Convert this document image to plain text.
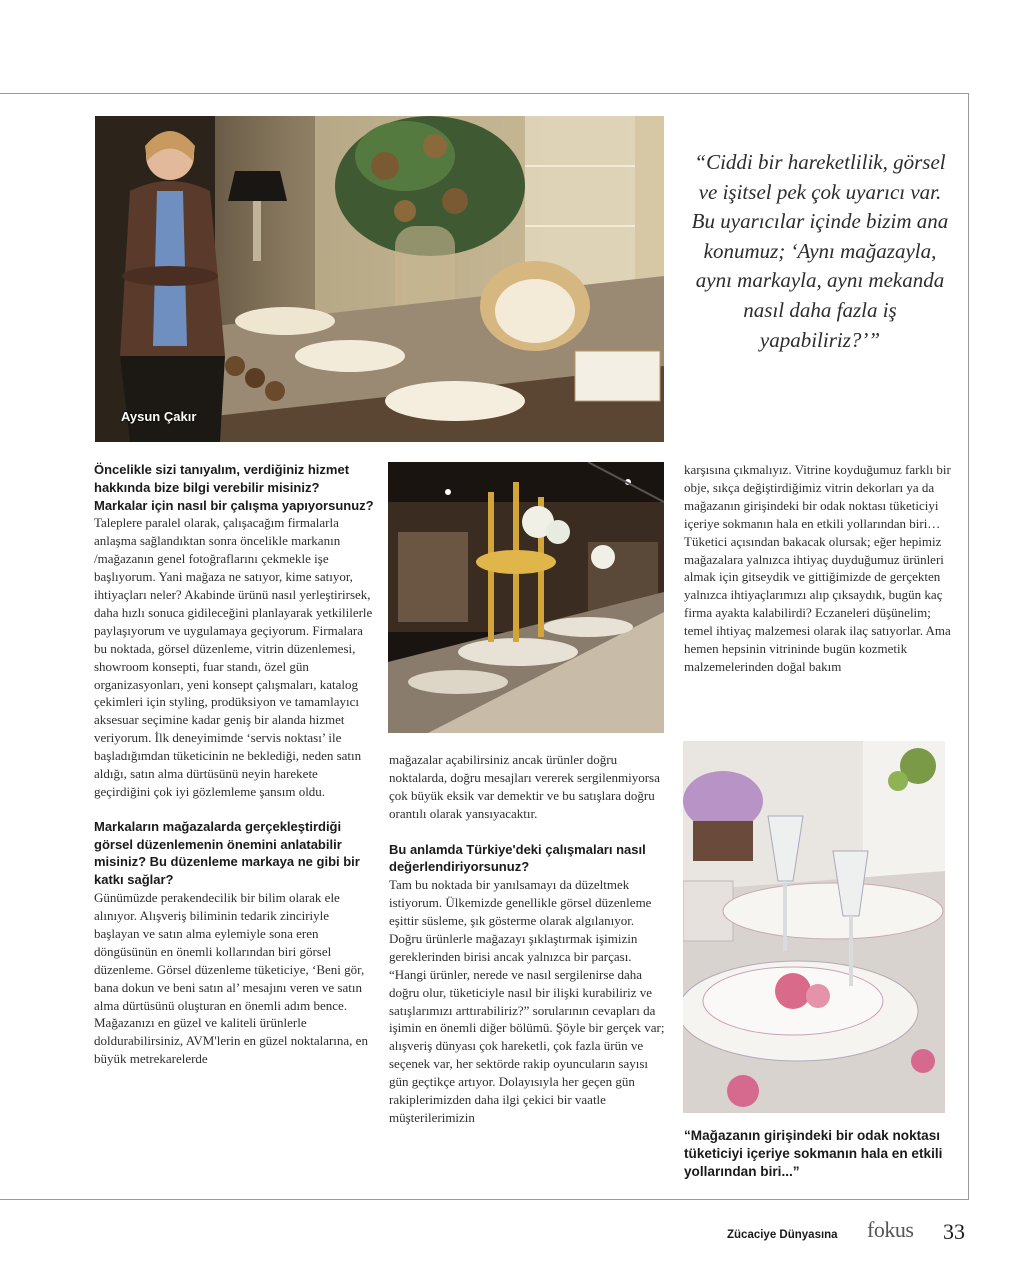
Aysun Çakır
“Ciddi bir hareketlilik, görsel ve işitsel pek çok uyarıcı var. Bu uyarıcılar içinde bizim ana konumuz; ‘Aynı mağazayla, aynı markayla, aynı mekanda nasıl daha fazla iş yapabiliriz?’”
Öncelikle sizi tanıyalım, verdiğiniz hizmet hakkında bize bilgi verebilir misiniz? Markalar için nasıl bir çalışma yapıyorsunuz?
Taleplere paralel olarak, çalışacağım firmalarla anlaşma sağlandıktan sonra öncelikle markanın /mağazanın genel fotoğraflarını çekmekle işe başlıyorum. Yani mağaza ne satıyor, kime satıyor, ihtiyaçları neler? Akabinde ürünü nasıl yerleştirirsek, daha hızlı sonuca gidileceğini planlayarak yetkililerle paylaşıyorum ve uygulamaya geçiyorum. Firmalara bu noktada, görsel düzenleme, vitrin düzenlemesi, showroom konsepti, fuar standı, özel gün organizasyonları, yeni konsept çalışmaları, katalog çekimleri için styling, prodüksiyon ve tamamlayıcı aksesuar seçimine kadar geniş bir alanda hizmet veriyorum. İlk deneyimimde ‘servis noktası’ ile başladığımdan tüketicinin ne beklediği, neden satın aldığı, satın alma dürtüsünü neyin harekete geçirdiğini çok iyi gözlemleme şansım oldu.
Markaların mağazalarda gerçekleştirdiği görsel düzenlemenin önemini anlatabilir misiniz? Bu düzenleme markaya ne gibi bir katkı sağlar?
Günümüzde perakendecilik bir bilim olarak ele alınıyor. Alışveriş biliminin tedarik zinciriyle başlayan ve satın alma eylemiyle sona eren döngüsünün en önemli kollarından biri görsel düzenleme. Görsel düzenleme tüketiciye, ‘Beni gör, bana dokun ve beni satın al’ mesajını veren ve satın alma dürtüsünü oluşturan en önemli adım bence. Mağazanızı en güzel ve kaliteli ürünlerle doldurabilirsiniz, AVM'lerin en güzel noktalarına, en büyük metrekarelerde
mağazalar açabilirsiniz ancak ürünler doğru noktalarda, doğru mesajları vererek sergilenmiyorsa çok büyük eksik var demektir ve bu satışlara doğru orantılı olarak yansıyacaktır.
Bu anlamda Türkiye'deki çalışmaları nasıl değerlendiriyorsunuz?
Tam bu noktada bir yanılsamayı da düzeltmek istiyorum. Ülkemizde genellikle görsel düzenleme eşittir süsleme, şık gösterme olarak algılanıyor. Doğru ürünlerle mağazayı şıklaştırmak işimizin gereklerinden birisi ancak yalnızca bir parçası. “Hangi ürünler, nerede ve nasıl sergilenirse daha doğru olur, tüketiciyle nasıl bir ilişki kurabiliriz ve satışlarımızı arttırabiliriz?” sorularının cevapları da işimin en önemli diğer bölümü. Şöyle bir gerçek var; alışveriş dünyası çok hareketli, çok fazla ürün ve seçenek var, her sektörde rakip oyuncuların sayısı gün geçtikçe artıyor. Dolayısıyla her geçen gün rakiplerimizden daha ilgi çekici bir vaatle müşterilerimizin
karşısına çıkmalıyız. Vitrine koyduğumuz farklı bir obje, sıkça değiştirdiğimiz vitrin dekorları ya da mağazanın girişindeki bir odak noktası tüketiciyi içeriye sokmanın hala en etkili yollarından biri… Tüketici açısından bakacak olursak; eğer hepimiz mağazalara yalnızca ihtiyaç duyduğumuz ürünleri almak için gitseydik ve gittiğimizde de gerçekten yalnızca ihtiyaçlarımızı alıp çıksaydık, bugün kaç firma ayakta kalabilirdi? Eczaneleri düşünelim; temel ihtiyaç malzemesi olarak ilaç satıyorlar. Ama hemen hepsinin vitrininde bugün kozmetik malzemelerinden doğal bakım
“Mağazanın girişindeki bir odak noktası tüketiciyi içeriye sokmanın hala en etkili yollarından biri...”
Zücaciye Dünyasına fokus 33
